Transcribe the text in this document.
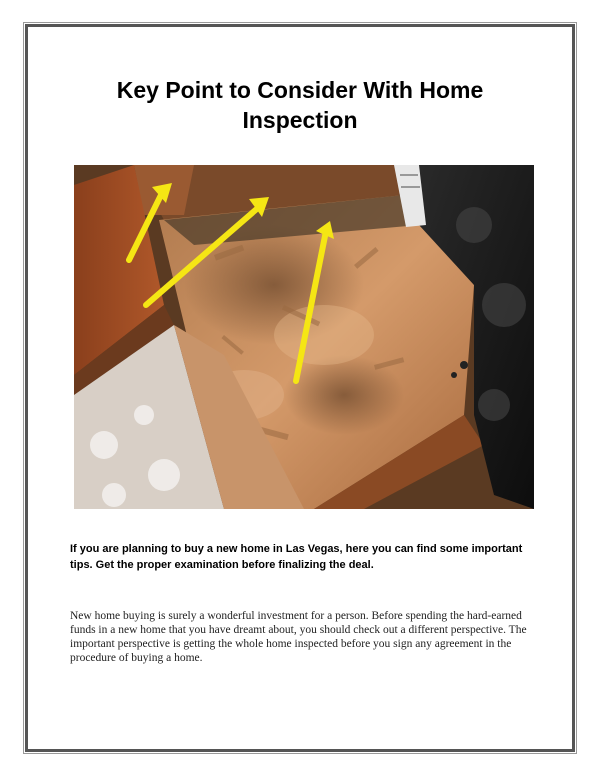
Key Point to Consider With Home Inspection

If you are planning to buy a new home in Las Vegas, here you can find some important tips. Get the proper examination before finalizing the deal.

New home buying is surely a wonderful investment for a person. Before spending the hard-earned funds in a new home that you have dreamt about, you should check out a different perspective. The important perspective is getting the whole home inspected before you sign any agreement in the procedure of buying a home.
